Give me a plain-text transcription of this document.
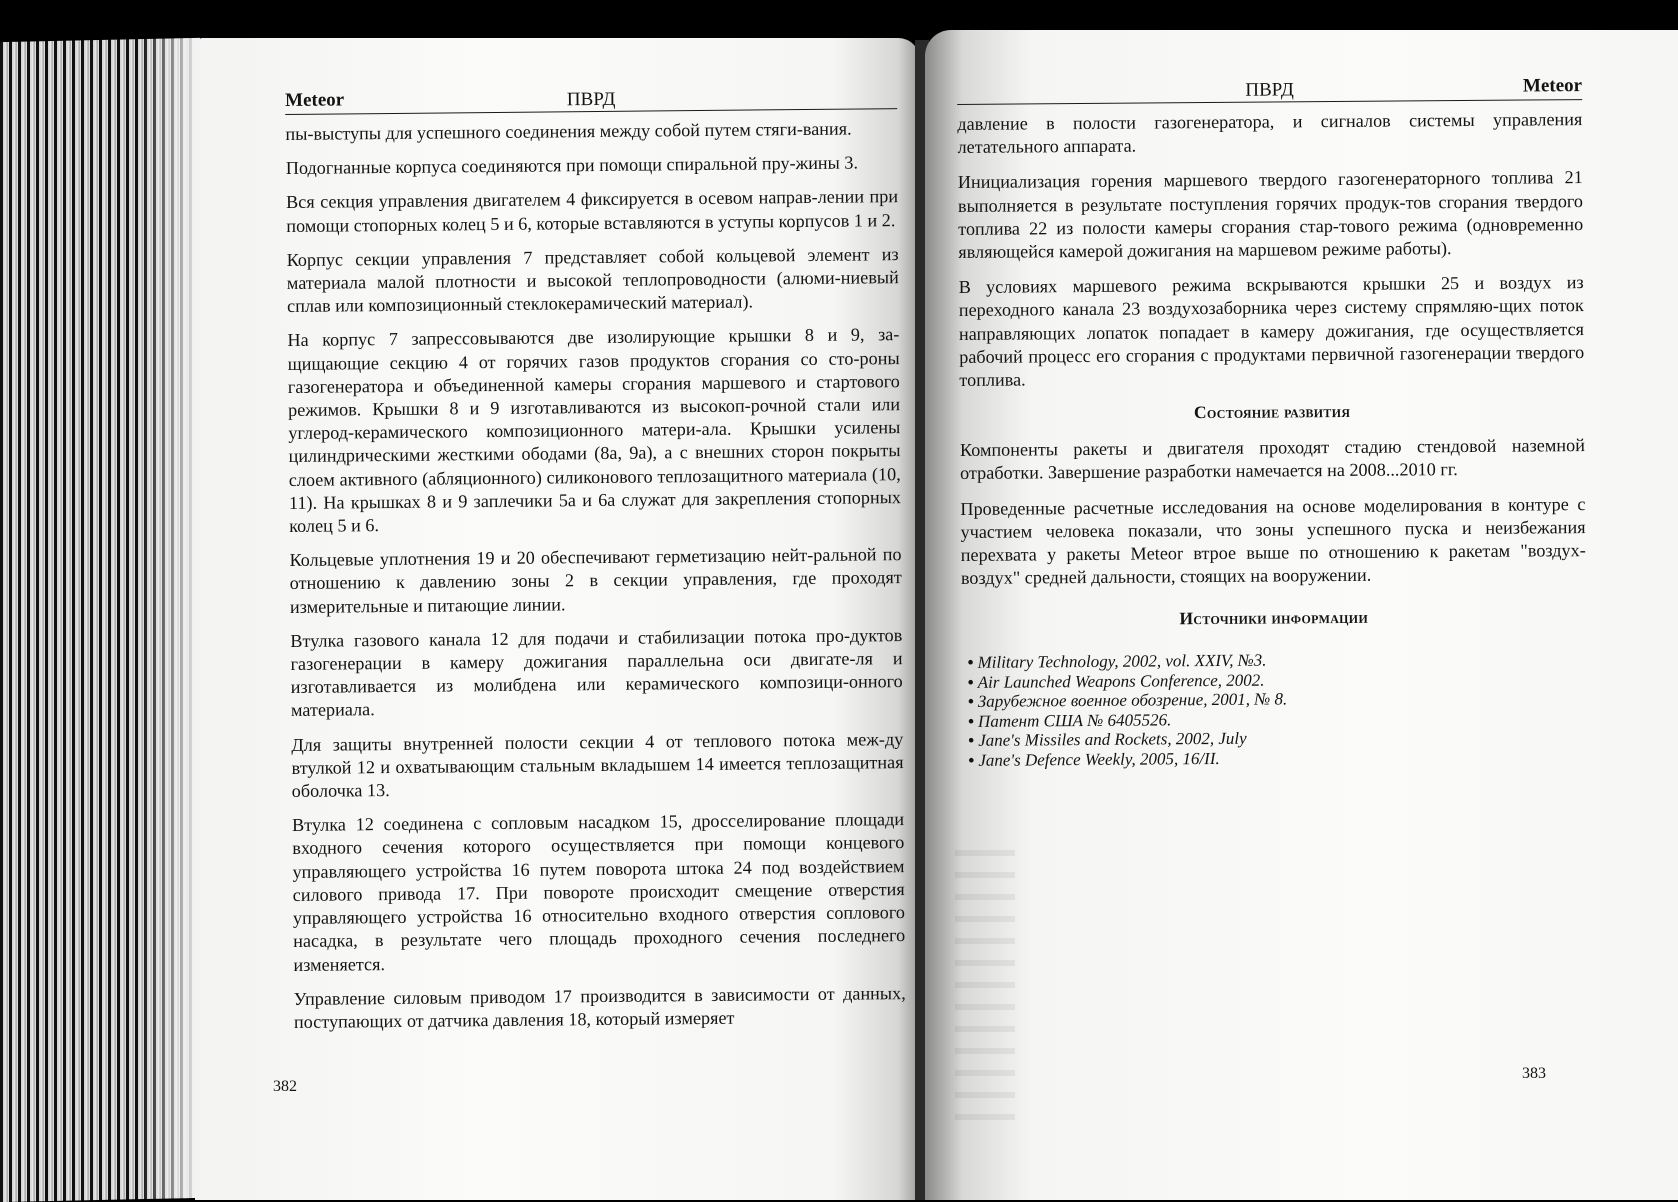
Meteor	ПВРД

пы-выступы для успешного соединения между собой путем стяги-вания.

Подогнанные корпуса соединяются при помощи спиральной пру-жины 3.

Вся секция управления двигателем 4 фиксируется в осевом направ-лении при помощи стопорных колец 5 и 6, которые вставляются в уступы корпусов 1 и 2.

Корпус секции управления 7 представляет собой кольцевой элемент из материала малой плотности и высокой теплопроводности (алюми-ниевый сплав или композиционный стеклокерамический материал).

На корпус 7 запрессовываются две изолирующие крышки 8 и 9, за-щищающие секцию 4 от горячих газов продуктов сгорания со сто-роны газогенератора и объединенной камеры сгорания маршевого и стартового режимов. Крышки 8 и 9 изготавливаются из высокоп-рочной стали или углерод-керамического композиционного матери-ала. Крышки усилены цилиндрическими жесткими ободами (8а, 9а), а с внешних сторон покрыты слоем активного (абляционного) силиконового теплозащитного материала (10, 11). На крышках 8 и 9 заплечики 5а и 6а служат для закрепления стопорных колец 5 и 6.

Кольцевые уплотнения 19 и 20 обеспечивают герметизацию нейт-ральной по отношению к давлению зоны 2 в секции управления, где проходят измерительные и питающие линии.

Втулка газового канала 12 для подачи и стабилизации потока про-дуктов газогенерации в камеру дожигания параллельна оси двигате-ля и изготавливается из молибдена или керамического композици-онного материала.

Для защиты внутренней полости секции 4 от теплового потока меж-ду втулкой 12 и охватывающим стальным вкладышем 14 имеется теплозащитная оболочка 13.

Втулка 12 соединена с сопловым насадком 15, дросселирование площади входного сечения которого осуществляется при помощи концевого управляющего устройства 16 путем поворота штока 24 под воздействием силового привода 17. При повороте происходит смещение отверстия управляющего устройства 16 относительно входного отверстия соплового насадка, в результате чего площадь проходного сечения последнего изменяется.

Управление силовым приводом 17 производится в зависимости от данных, поступающих от датчика давления 18, который измеряет

382
ПВРД	Meteor

давление в полости газогенератора, и сигналов системы управления летательного аппарата.

Инициализация горения маршевого твердого газогенераторного топлива 21 выполняется в результате поступления горячих продук-тов сгорания твердого топлива 22 из полости камеры сгорания стар-тового режима (одновременно являющейся камерой дожигания на маршевом режиме работы).

В условиях маршевого режима вскрываются крышки 25 и воздух из переходного канала 23 воздухозаборника через систему спрямляю-щих поток направляющих лопаток попадает в камеру дожигания, где осуществляется рабочий процесс его сгорания с продуктами первичной газогенерации твердого топлива.

Состояние развития

Компоненты ракеты и двигателя проходят стадию стендовой наземной отработки. Завершение разработки намечается на 2008...2010 гг.

Проведенные расчетные исследования на основе моделирования в контуре с участием человека показали, что зоны успешного пуска и неизбежания перехвата у ракеты Meteor втрое выше по отношению к ракетам "воздух-воздух" средней дальности, стоящих на вооружении.

Источники информации
• Military Technology, 2002, vol. XXIV, №3.
• Air Launched Weapons Conference, 2002.
• Зарубежное военное обозрение, 2001, № 8.
• Патент США № 6405526.
• Jane's Missiles and Rockets, 2002, July
• Jane's Defence Weekly, 2005, 16/II.
383
